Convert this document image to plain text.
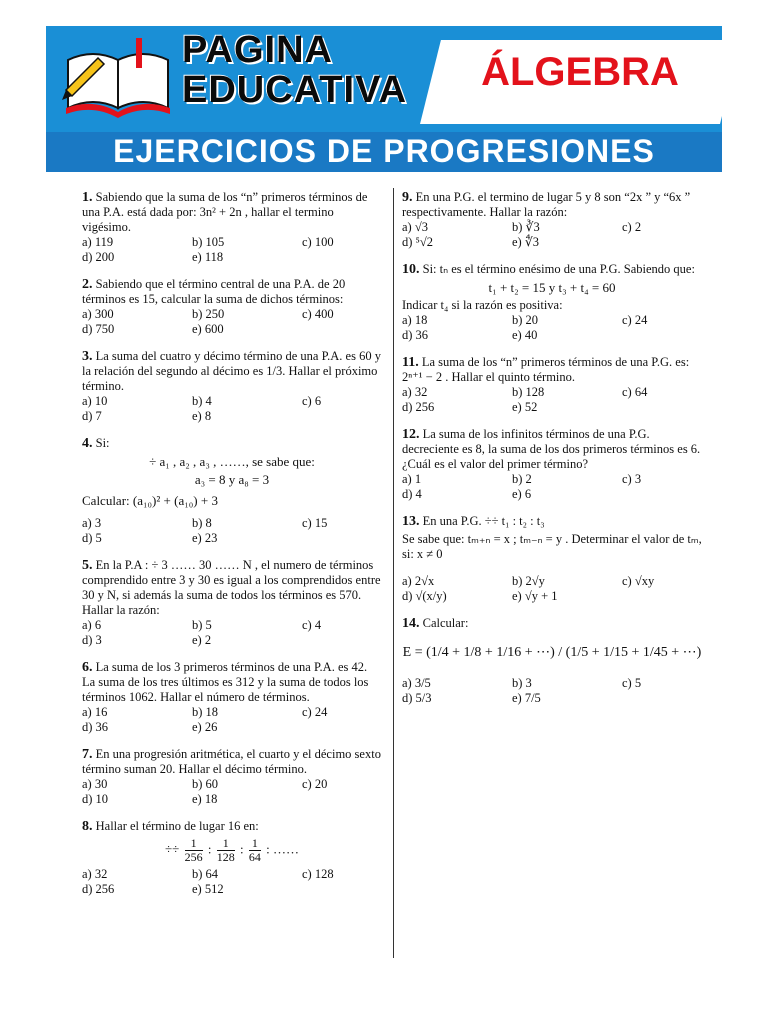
PAGINA
EDUCATIVA ÁLGEBRA
EJERCICIOS DE PROGRESIONES
1. Sabiendo que la suma de los “n” primeros términos de una P.A. está dada por: 3n² + 2n , hallar el termino vigésimo.
a) 119	b) 105	c) 100
d) 200	e) 118
2. Sabiendo que el término central de una P.A. de 20 términos es 15, calcular la suma de dichos términos:
a) 300	b) 250	c) 400
d) 750	e) 600
3. La suma del cuatro y décimo término de una P.A. es 60 y la relación del segundo al décimo es 1/3. Hallar el próximo término.
a) 10	b) 4	c) 6
d) 7	e) 8
4. Si:
÷ a₁ , a₂ , a₃ , ……, se sabe que:
a₃ = 8 y a₈ = 3
Calcular: (a₁₀)² + (a₁₀) + 3
a) 3	b) 8	c) 15
d) 5	e) 23
5. En la P.A : ÷ 3 …… 30 …… N , el numero de términos comprendido entre 3 y 30 es igual a los comprendidos entre 30 y N, si además la suma de todos los términos es 570. Hallar la razón:
a) 6	b) 5	c) 4
d) 3	e) 2
6. La suma de los 3 primeros términos de una P.A. es 42. La suma de los tres últimos es 312 y la suma de todos los términos 1062. Hallar el número de términos.
a) 16	b) 18	c) 24
d) 36	e) 26
7. En una progresión aritmética, el cuarto y el décimo sexto término suman 20. Hallar el décimo término.
a) 30	b) 60	c) 20
d) 10	e) 18
8. Hallar el término de lugar 16 en:
÷÷ $\frac{1}{256}$ : $\frac{1}{128}$ : $\frac{1}{64}$ : ……
a) 32	b) 64	c) 128
d) 256	e) 512
9. En una P.G. el termino de lugar 5 y 8 son “2x ” y “6x ” respectivamente. Hallar la razón:
a) √3	b) ∛3	c) 2
d) ⁵√2	e) ∜3
10. Si: tₙ es el término enésimo de una P.G. Sabiendo que:
t₁ + t₂ = 15 y t₃ + t₄ = 60
Indicar t₄ si la razón es positiva:
a) 18	b) 20	c) 24
d) 36	e) 40
11. La suma de los “n” primeros términos de una P.G. es: 2ⁿ⁺¹ − 2 . Hallar el quinto término.
a) 32	b) 128	c) 64
d) 256	e) 52
12. La suma de los infinitos términos de una P.G. decreciente es 8, la suma de los dos primeros términos es 6. ¿Cuál es el valor del primer término?
a) 1	b) 2	c) 3
d) 4	e) 6
13. En una P.G. ÷÷ t₁ : t₂ : t₃
Se sabe que: tₘ₊ₙ = x ; tₘ₋ₙ = y . Determinar el valor de tₘ, si: x ≠ 0
a) 2√x	b) 2√y	c) √xy
d) √(x/y)	e) √y + 1
14. Calcular:
E = (1/4 + 1/8 + 1/16 + ⋯) / (1/5 + 1/15 + 1/45 + ⋯)
a) 3/5	b) 3	c) 5
d) 5/3	e) 7/5
